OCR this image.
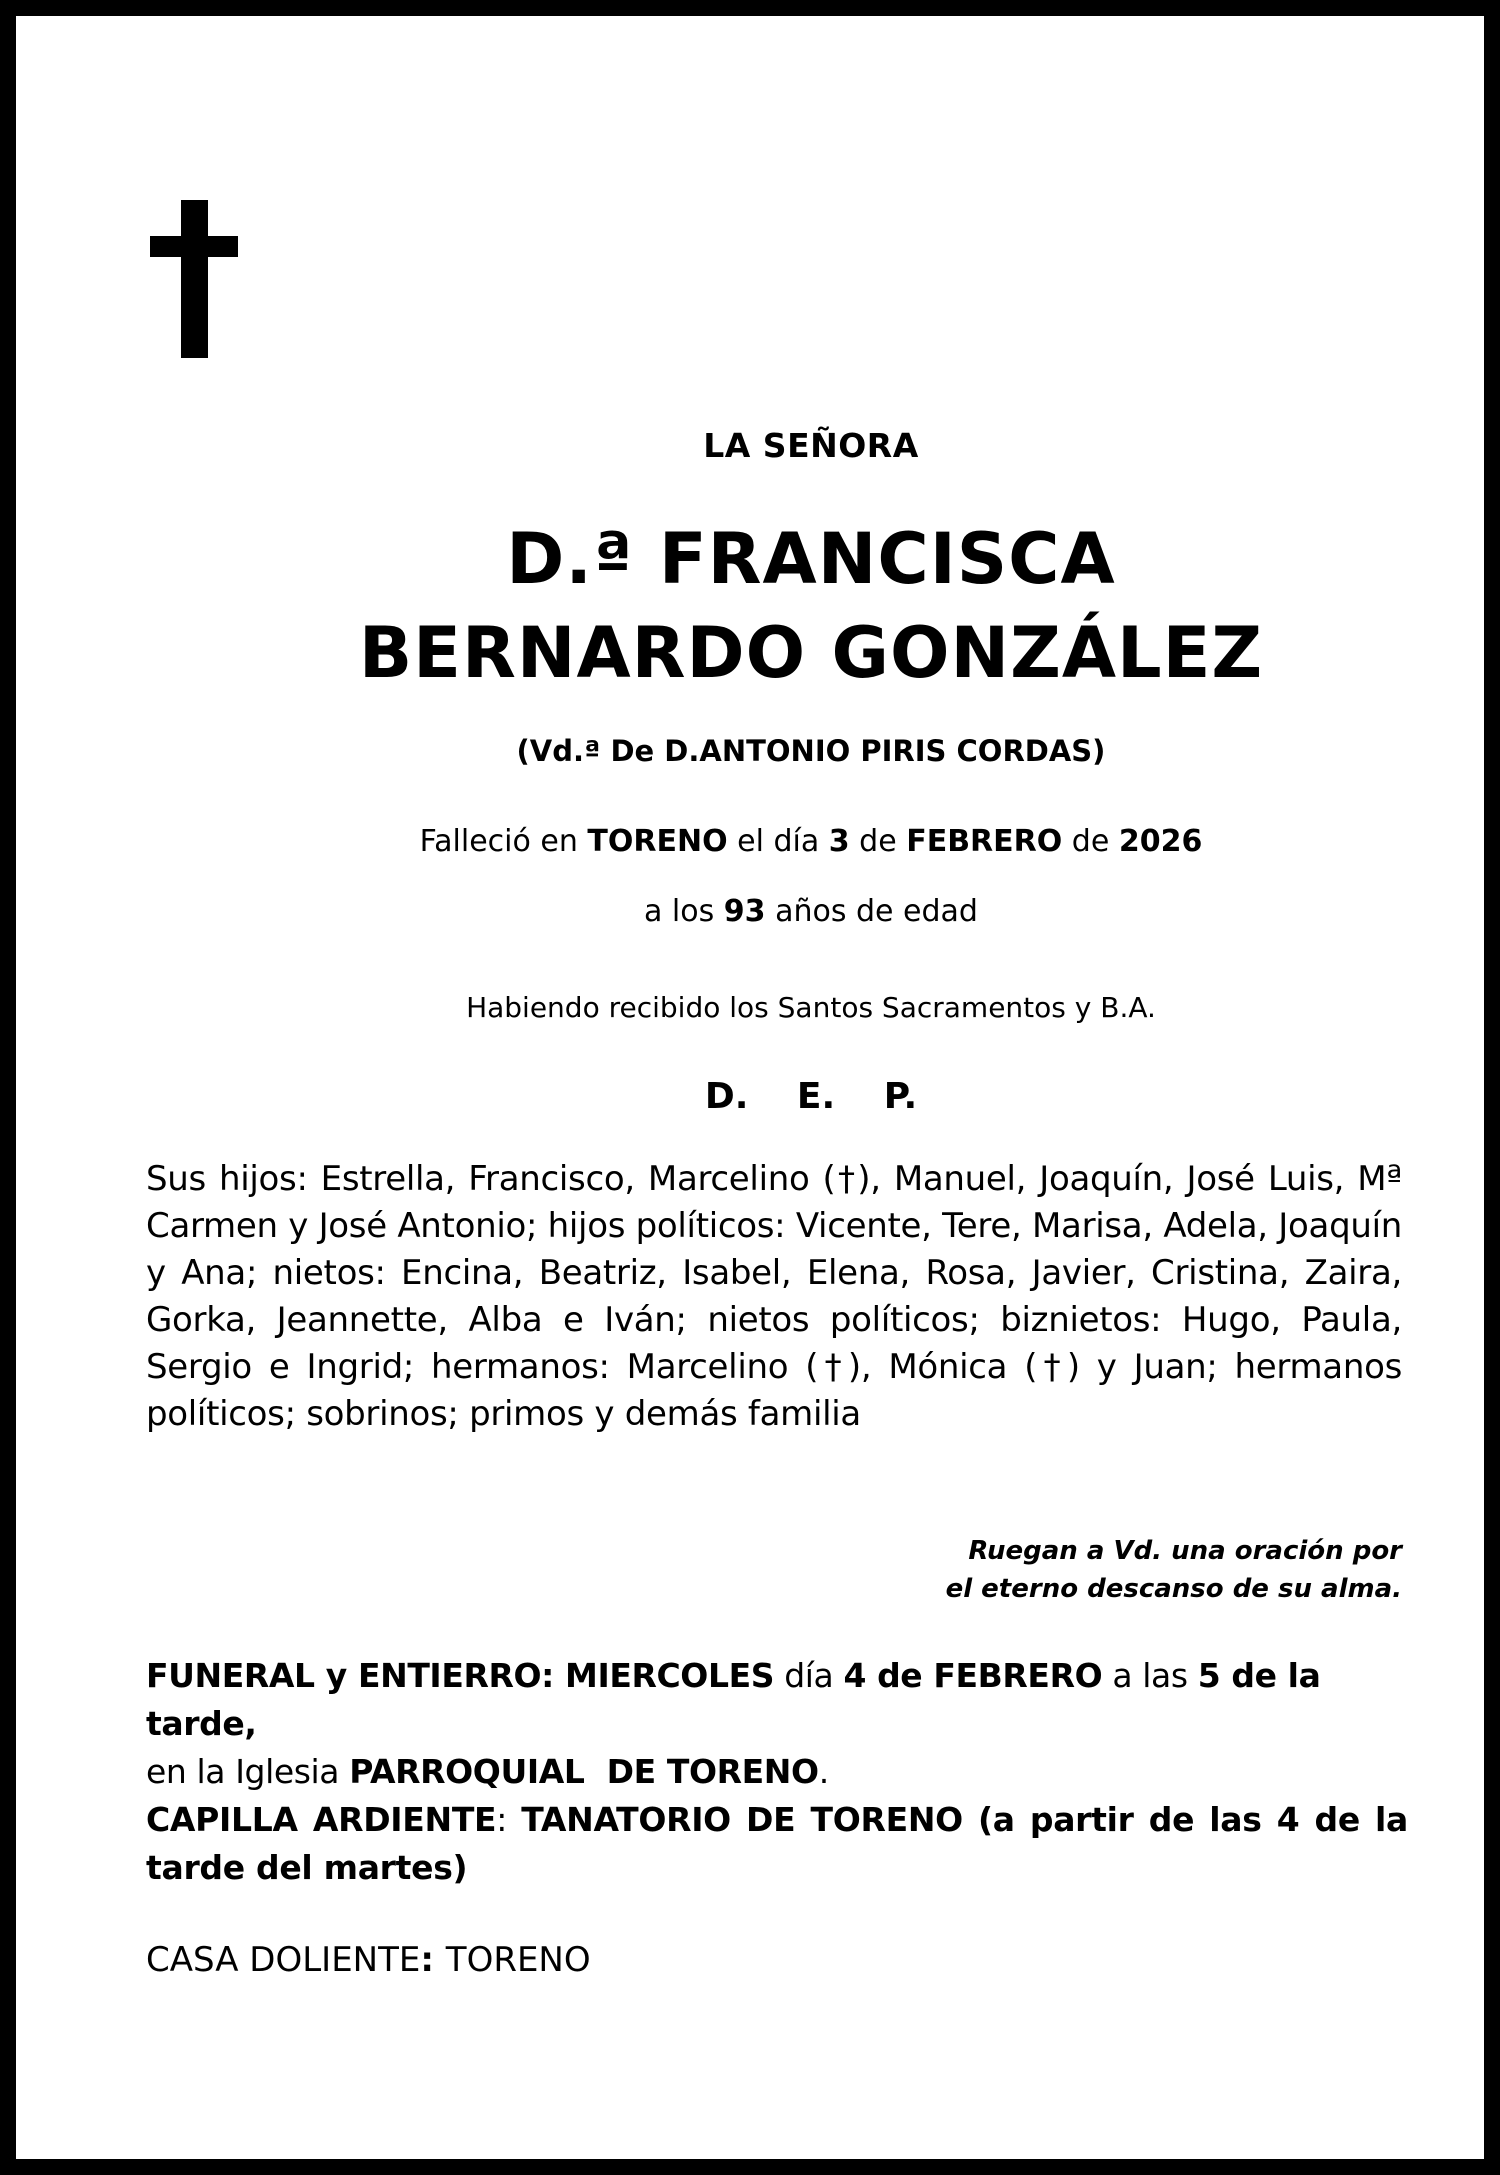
LA SEÑORA
D.ª FRANCISCA
BERNARDO GONZÁLEZ
(Vd.ª De D.ANTONIO PIRIS CORDAS)
Falleció en TORENO el día 3 de FEBRERO de 2026
a los 93 años de edad
Habiendo recibido los Santos Sacramentos y B.A.
D. E. P.
Sus hijos: Estrella, Francisco, Marcelino (†), Manuel, Joaquín, José Luis, Mª Carmen y José Antonio; hijos políticos: Vicente, Tere, Marisa, Adela, Joaquín y Ana; nietos: Encina, Beatriz, Isabel, Elena, Rosa, Javier, Cristina, Zaira, Gorka, Jeannette, Alba e Iván; nietos políticos; biznietos: Hugo, Paula, Sergio e Ingrid; hermanos: Marcelino (†), Mónica (†) y Juan; hermanos políticos; sobrinos; primos y demás familia
Ruegan a Vd. una oración por
el eterno descanso de su alma.
FUNERAL y ENTIERRO: MIERCOLES día 4 de FEBRERO a las 5 de la tarde,
en la Iglesia PARROQUIAL  DE TORENO.
CAPILLA ARDIENTE: TANATORIO DE TORENO (a partir de las 4 de la tarde del martes)
CASA DOLIENTE: TORENO
